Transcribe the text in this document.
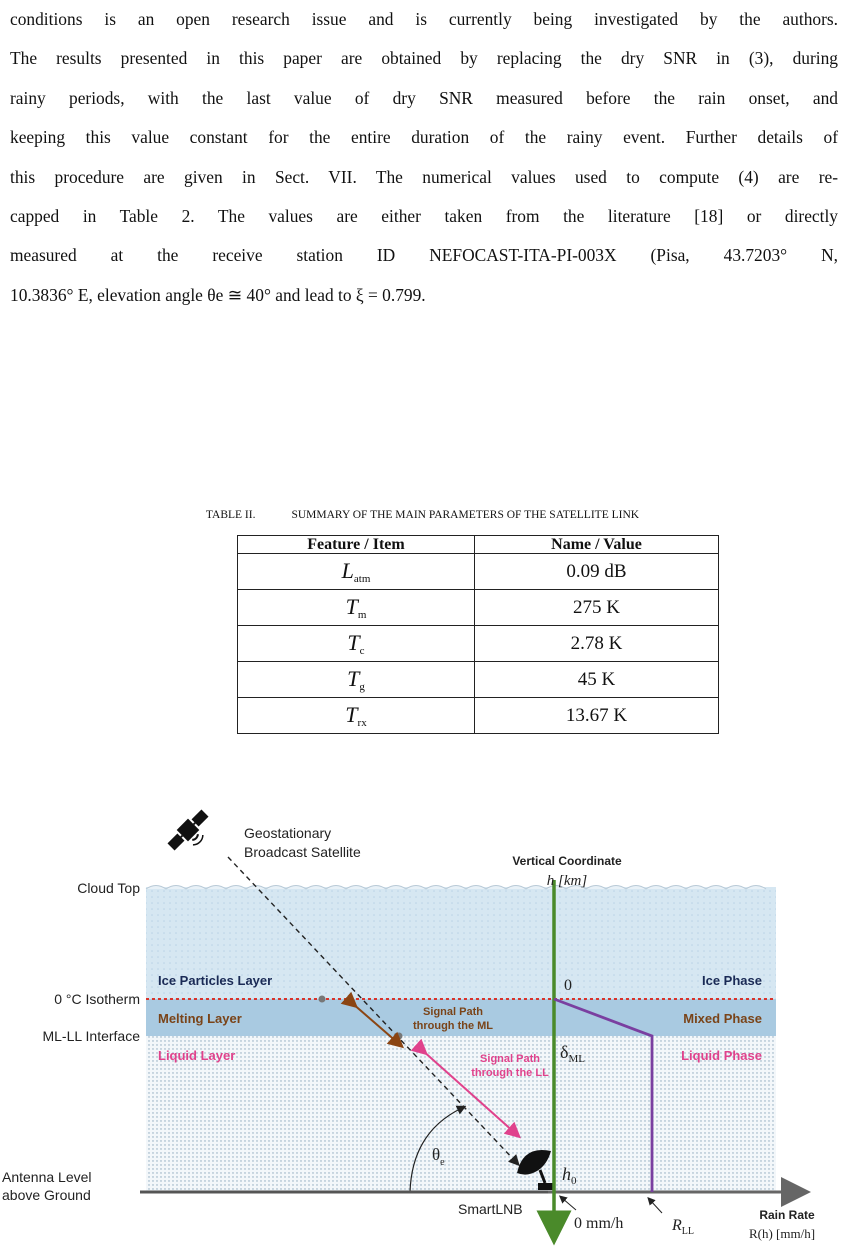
conditions is an open research issue and is currently being investigated by the authors.
The results presented in this paper are obtained by replacing the dry SNR in (3), during
rainy periods, with the last value of dry SNR measured before the rain onset, and
keeping this value constant for the entire duration of the rainy event. Further details of
this procedure are given in Sect. VII. The numerical values used to compute (4) are re-
capped in Table 2. The values are either taken from the literature [18] or directly
measured at the receive station ID NEFOCAST-ITA-PI-003X (Pisa, 43.7203° N,
10.3836° E, elevation angle θe ≅ 40° and lead to ξ = 0.799.
TABLE II.	SUMMARY OF THE MAIN PARAMETERS OF THE SATELLITE LINK
Feature / Item	Name / Value
$L_{atm}$	0.09 dB
$T_m$	275 K
$T_c$	2.78 K
$T_g$	45 K
$T_{rx}$	13.67 K
Cloud Top
0 °C Isotherm
ML-LL Interface
Antenna Level
above Ground
Ice Particles Layer
Melting Layer
Liquid Layer
Ice Phase
Mixed Phase
Liquid Phase
Geostationary
Broadcast Satellite
Signal Path
through the ML
Signal Path
through the LL
$\theta_e$
Vertical Coordinate
h [km]
0
$\delta_{ML}$
$h_0$
SmartLNB
0 mm/h	$R_{LL}$
Rain Rate
R(h) [mm/h]
